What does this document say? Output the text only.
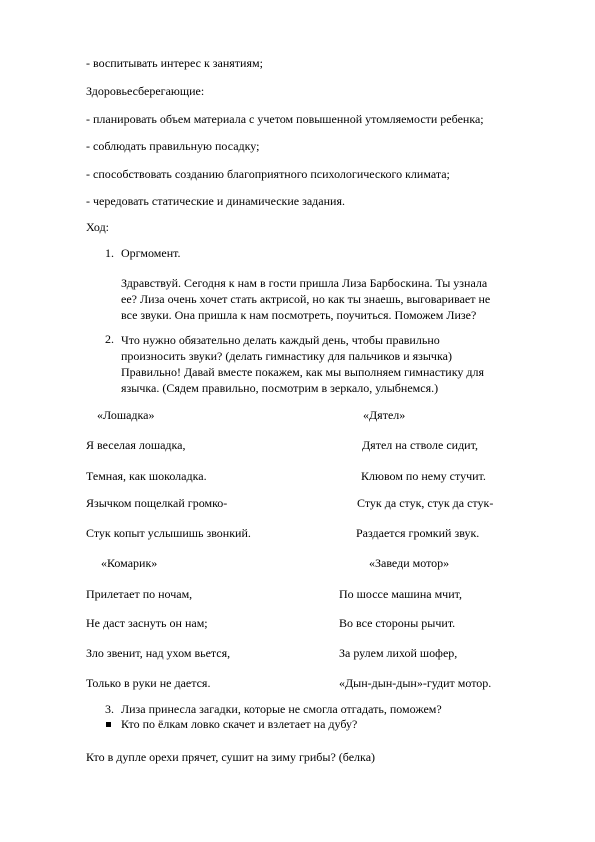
- воспитывать интерес к занятиям;
Здоровьесберегающие:
- планировать объем материала с учетом повышенной утомляемости ребенка;
- соблюдать правильную посадку;
- способствовать созданию благоприятного психологического климата;
- чередовать статические и динамические задания.
Ход:
1. Оргмомент.
Здравствуй. Сегодня к нам в гости пришла Лиза Барбоскина. Ты узнала
ее? Лиза очень хочет стать актрисой, но как ты знаешь, выговаривает не
все звуки. Она пришла к нам посмотреть, поучиться. Поможем Лизе?
2. Что нужно обязательно делать каждый день, чтобы правильно
произносить звуки? (делать гимнастику для пальчиков и язычка)
Правильно! Давай вместе покажем, как мы выполняем гимнастику для
язычка. (Сядем правильно, посмотрим в зеркало, улыбнемся.)
«Лошадка»	«Дятел»
Я веселая лошадка,
Темная, как шоколадка.
Язычком пощелкай громко-
Стук копыт услышишь звонкий.
Дятел на стволе сидит,
Клювом по нему стучит.
Стук да стук, стук да стук-
Раздается громкий звук.
«Комарик»	«Заведи мотор»
Прилетает по ночам,
Не даст заснуть он нам;
Зло звенит, над ухом вьется,
Только в руки не дается.
По шоссе машина мчит,
Во все стороны рычит.
За рулем лихой шофер,
«Дын-дын-дын»-гудит мотор.
3. Лиза принесла загадки, которые не смогла отгадать, поможем?
Кто по ёлкам ловко скачет и взлетает на дубу?
Кто в дупле орехи прячет, сушит на зиму грибы? (белка)
